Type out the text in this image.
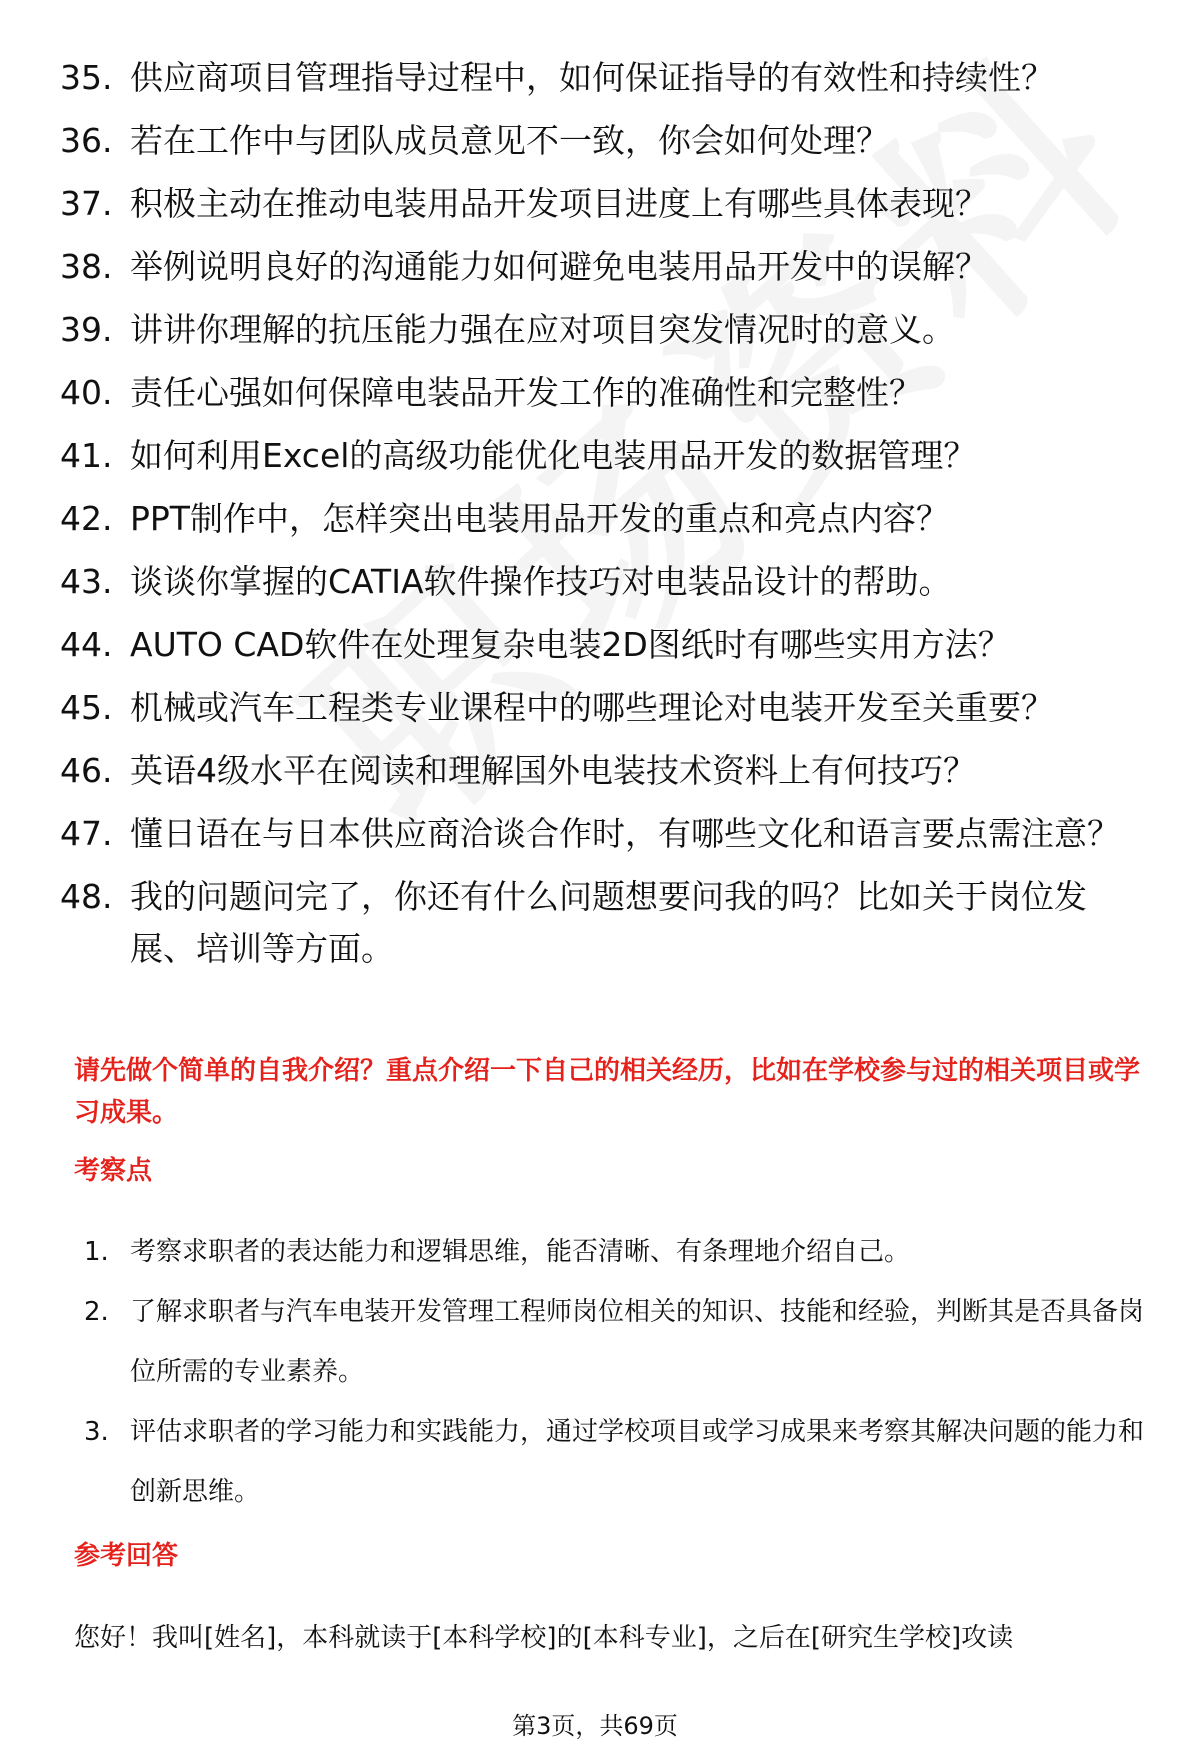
35. 供应商项目管理指导过程中，如何保证指导的有效性和持续性？
36. 若在工作中与团队成员意见不一致，你会如何处理？
37. 积极主动在推动电装用品开发项目进度上有哪些具体表现？
38. 举例说明良好的沟通能力如何避免电装用品开发中的误解？
39. 讲讲你理解的抗压能力强在应对项目突发情况时的意义。
40. 责任心强如何保障电装品开发工作的准确性和完整性？
41. 如何利用Excel的高级功能优化电装用品开发的数据管理？
42. PPT制作中，怎样突出电装用品开发的重点和亮点内容？
43. 谈谈你掌握的CATIA软件操作技巧对电装品设计的帮助。
44. AUTO CAD软件在处理复杂电装2D图纸时有哪些实用方法？
45. 机械或汽车工程类专业课程中的哪些理论对电装开发至关重要？
46. 英语4级水平在阅读和理解国外电装技术资料上有何技巧？
47. 懂日语在与日本供应商洽谈合作时，有哪些文化和语言要点需注意？
48. 我的问题问完了，你还有什么问题想要问我的吗？比如关于岗位发展、培训等方面。
请先做个简单的自我介绍？重点介绍一下自己的相关经历，比如在学校参与过的相关项目或学习成果。
考察点
1. 考察求职者的表达能力和逻辑思维，能否清晰、有条理地介绍自己。
2. 了解求职者与汽车电装开发管理工程师岗位相关的知识、技能和经验，判断其是否具备岗位所需的专业素养。
3. 评估求职者的学习能力和实践能力，通过学校项目或学习成果来考察其解决问题的能力和创新思维。
参考回答
您好！我叫[姓名]，本科就读于[本科学校]的[本科专业]，之后在[研究生学校]攻读
第3页，共69页
